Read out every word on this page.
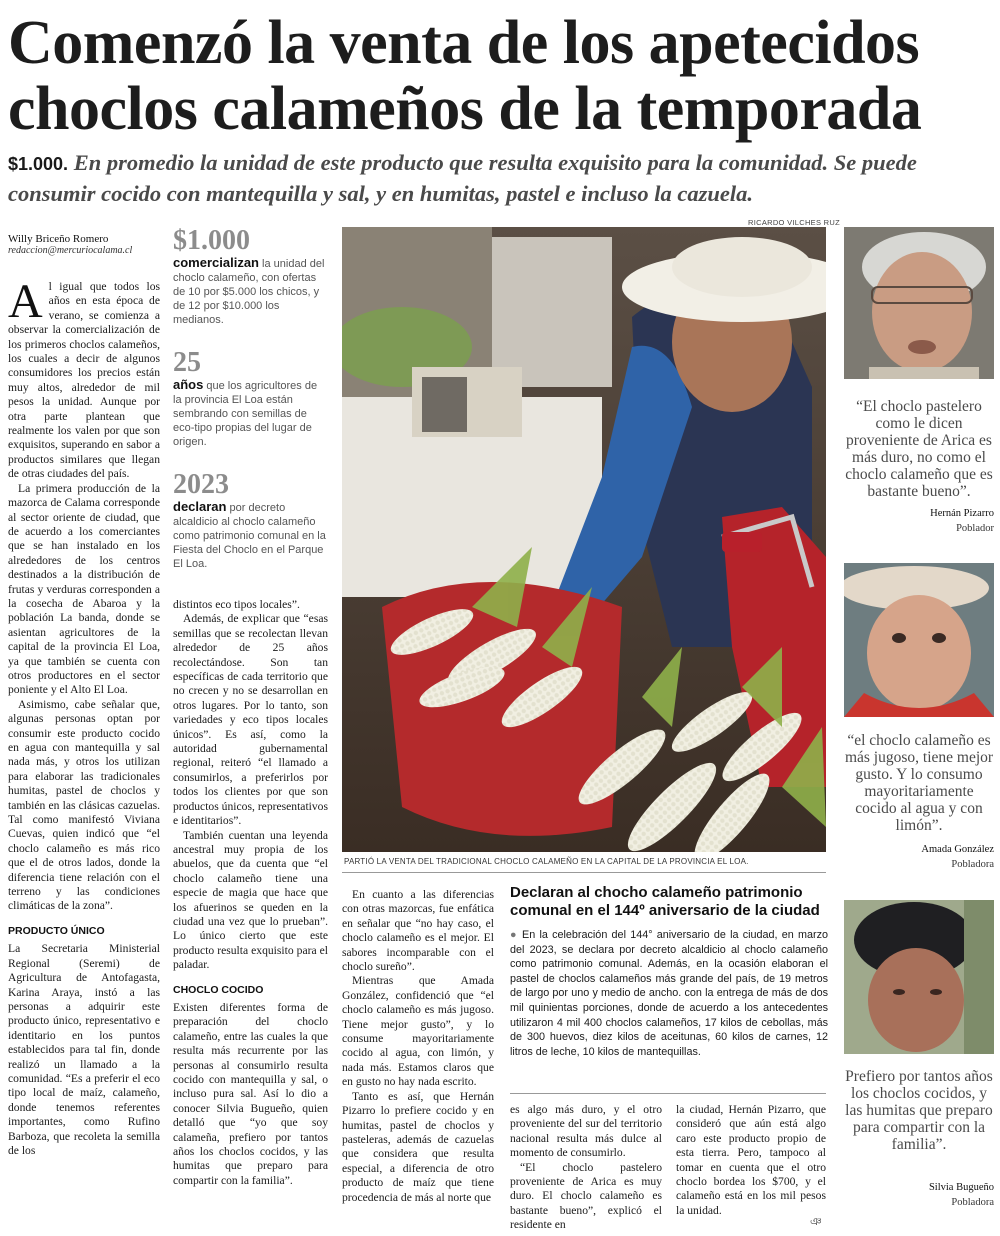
Comenzó la venta de los apetecidos choclos calameños de la temporada

$1.000. En promedio la unidad de este producto que resulta exquisito para la comunidad. Se puede consumir cocido con mantequilla y sal, y en humitas, pastel e incluso la cazuela.

RICARDO VILCHES RUZ
Willy Briceño Romero
redaccion@mercuriocalama.cl

Al igual que todos los años en esta época de verano, se comienza a observar la comercialización de los primeros choclos calameños, los cuales a decir de algunos consumidores los precios están muy altos, alrededor de mil pesos la unidad. Aunque por otra parte plantean que realmente los valen por que son exquisitos, superando en sabor a productos similares que llegan de otras ciudades del país.

La primera producción de la mazorca de Calama corresponde al sector oriente de ciudad, que de acuerdo a los comerciantes que se han instalado en los alrededores de los centros destinados a la distribución de frutas y verduras corresponden a la cosecha de Abaroa y la población La banda, donde se asientan agricultores de la capital de la provincia El Loa, ya que también se cuenta con otros productores en el sector poniente y el Alto El Loa.

Asimismo, cabe señalar que, algunas personas optan por consumir este producto cocido en agua con mantequilla y sal nada más, y otros los utilizan para elaborar las tradicionales humitas, pastel de choclos y también en las clásicas cazuelas. Tal como manifestó Viviana Cuevas, quien indicó que “el choclo calameño es más rico que el de otros lados, donde la diferencia tiene relación con el terreno y las condiciones climáticas de la zona”.

PRODUCTO ÚNICO

La Secretaria Ministerial Regional (Seremi) de Agricultura de Antofagasta, Karina Araya, instó a las personas a adquirir este producto único, representativo e identitario en los puntos establecidos para tal fin, donde realizó un llamado a la comunidad. “Es a preferir el eco tipo local de maíz, calameño, donde tenemos referentes importantes, como Rufino Barboza, que recoleta la semilla de los

$1.000
comercializan la unidad del choclo calameño, con ofertas de 10 por $5.000 los chicos, y de 12 por $10.000 los medianos.
25
años que los agricultores de la provincia El Loa están sembrando con semillas de eco-tipo propias del lugar de origen.
2023
declaran por decreto alcaldicio al choclo calameño como patrimonio comunal en la Fiesta del Choclo en el Parque El Loa.

distintos eco tipos locales”.

Además, de explicar que “esas semillas que se recolectan llevan alrededor de 25 años recolectándose. Son tan específicas de cada territorio que no crecen y no se desarrollan en otros lugares. Por lo tanto, son variedades y eco tipos locales únicos”. Es así, como la autoridad gubernamental regional, reiteró “el llamado a consumirlos, a preferirlos por todos los clientes por que son productos únicos, representativos e identitarios”.

También cuentan una leyenda ancestral muy propia de los abuelos, que da cuenta que “el choclo calameño tiene una especie de magia que hace que los afuerinos se queden en la ciudad una vez que lo prueban”. Lo único cierto que este producto resulta exquisito para el paladar.

CHOCLO COCIDO

Existen diferentes forma de preparación del choclo calameño, entre las cuales la que resulta más recurrente por las personas al consumirlo resulta cocido con mantequilla y sal, o incluso pura sal. Así lo dio a conocer Silvia Bugueño, quien detalló que “yo que soy calameña, prefiero por tantos años los choclos cocidos, y las humitas que preparo para compartir con la familia”.

PARTIÓ LA VENTA DEL TRADICIONAL CHOCLO CALAMEÑO EN LA CAPITAL DE LA PROVINCIA EL LOA.

En cuanto a las diferencias con otras mazorcas, fue enfática en señalar que “no hay caso, el choclo calameño es el mejor. El sabores incomparable con el choclo sureño”.

Mientras que Amada González, confidenció que “el choclo calameño es más jugoso. Tiene mejor gusto”, y lo consume mayoritariamente cocido al agua, con limón, y nada más. Estamos claros que en gusto no hay nada escrito.

Tanto es así, que Hernán Pizarro lo prefiere cocido y en humitas, pastel de choclos y pasteleras, además de cazuelas que considera que resulta especial, a diferencia de otro producto de maíz que tiene procedencia de más al norte que

Declaran al chocho calameño patrimonio comunal en el 144º aniversario de la ciudad
● En la celebración del 144° aniversario de la ciudad, en marzo del 2023, se declara por decreto alcaldicio al choclo calameño como patrimonio comunal. Además, en la ocasión elaboran el pastel de choclos calameños más grande del país, de 19 metros de largo por uno y medio de ancho. con la entrega de más de dos mil quinientas porciones, donde de acuerdo a los antecedentes utilizaron 4 mil 400 choclos calameños, 17 kilos de cebollas, más de 300 huevos, diez kilos de aceitunas, 60 kilos de carnes, 12 litros de leche, 10 kilos de mantequillas.

es algo más duro, y el otro proveniente del sur del territorio nacional resulta más dulce al momento de consumirlo.

“El choclo pastelero proveniente de Arica es muy duro. El choclo calameño es bastante bueno”, explicó el residente en

la ciudad, Hernán Pizarro, que consideró que aún está algo caro este producto propio de esta tierra. Pero, tampoco al tomar en cuenta que el otro choclo bordea los $700, y el calameño está en los mil pesos la unidad.

ঞ
“El choclo pastelero como le dicen proveniente de Arica es más duro, no como el choclo calameño que es bastante bueno”.
Hernán Pizarro
Poblador
“el choclo calameño es más jugoso, tiene mejor gusto. Y lo consumo mayoritariamente cocido al agua y con limón”.
Amada González
Pobladora
Prefiero por tantos años los choclos cocidos, y las humitas que preparo para compartir con la familia”.
Silvia Bugueño
Pobladora
